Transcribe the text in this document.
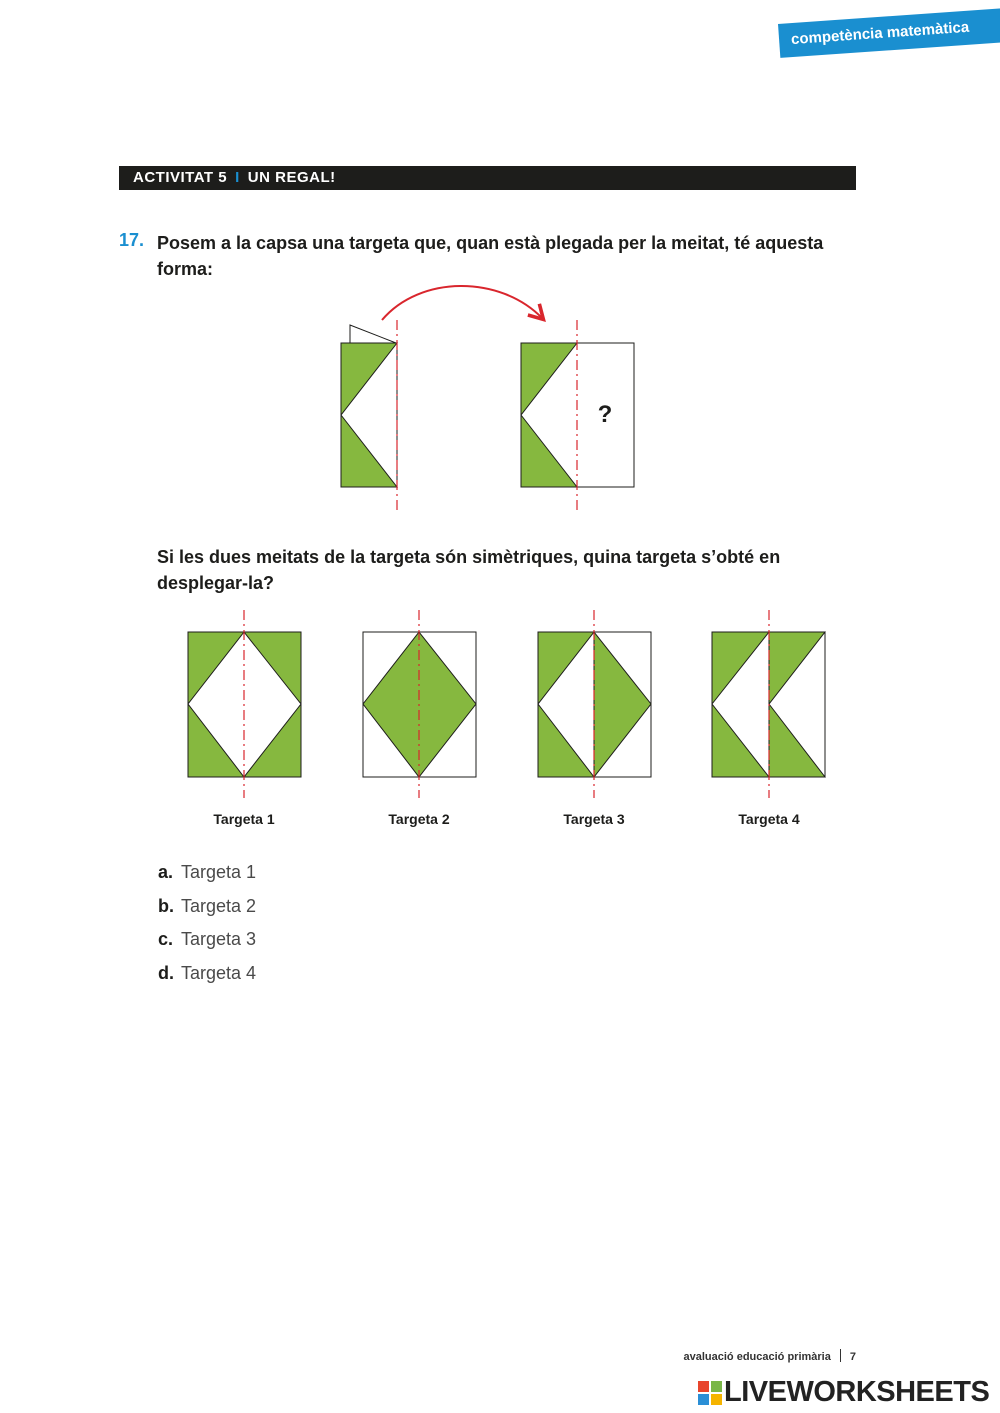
competència matemàtica
ACTIVITAT 5 I UN REGAL!
17. Posem a la capsa una targeta que, quan està plegada per la meitat, té aquesta forma:
?
Si les dues meitats de la targeta són simètriques, quina targeta s’obté en desplegar-la?
Targeta 1	Targeta 2	Targeta 3	Targeta 4
a. Targeta 1
b. Targeta 2
c. Targeta 3
d. Targeta 4
avaluació educació primària 7
LIVEWORKSHEETS
